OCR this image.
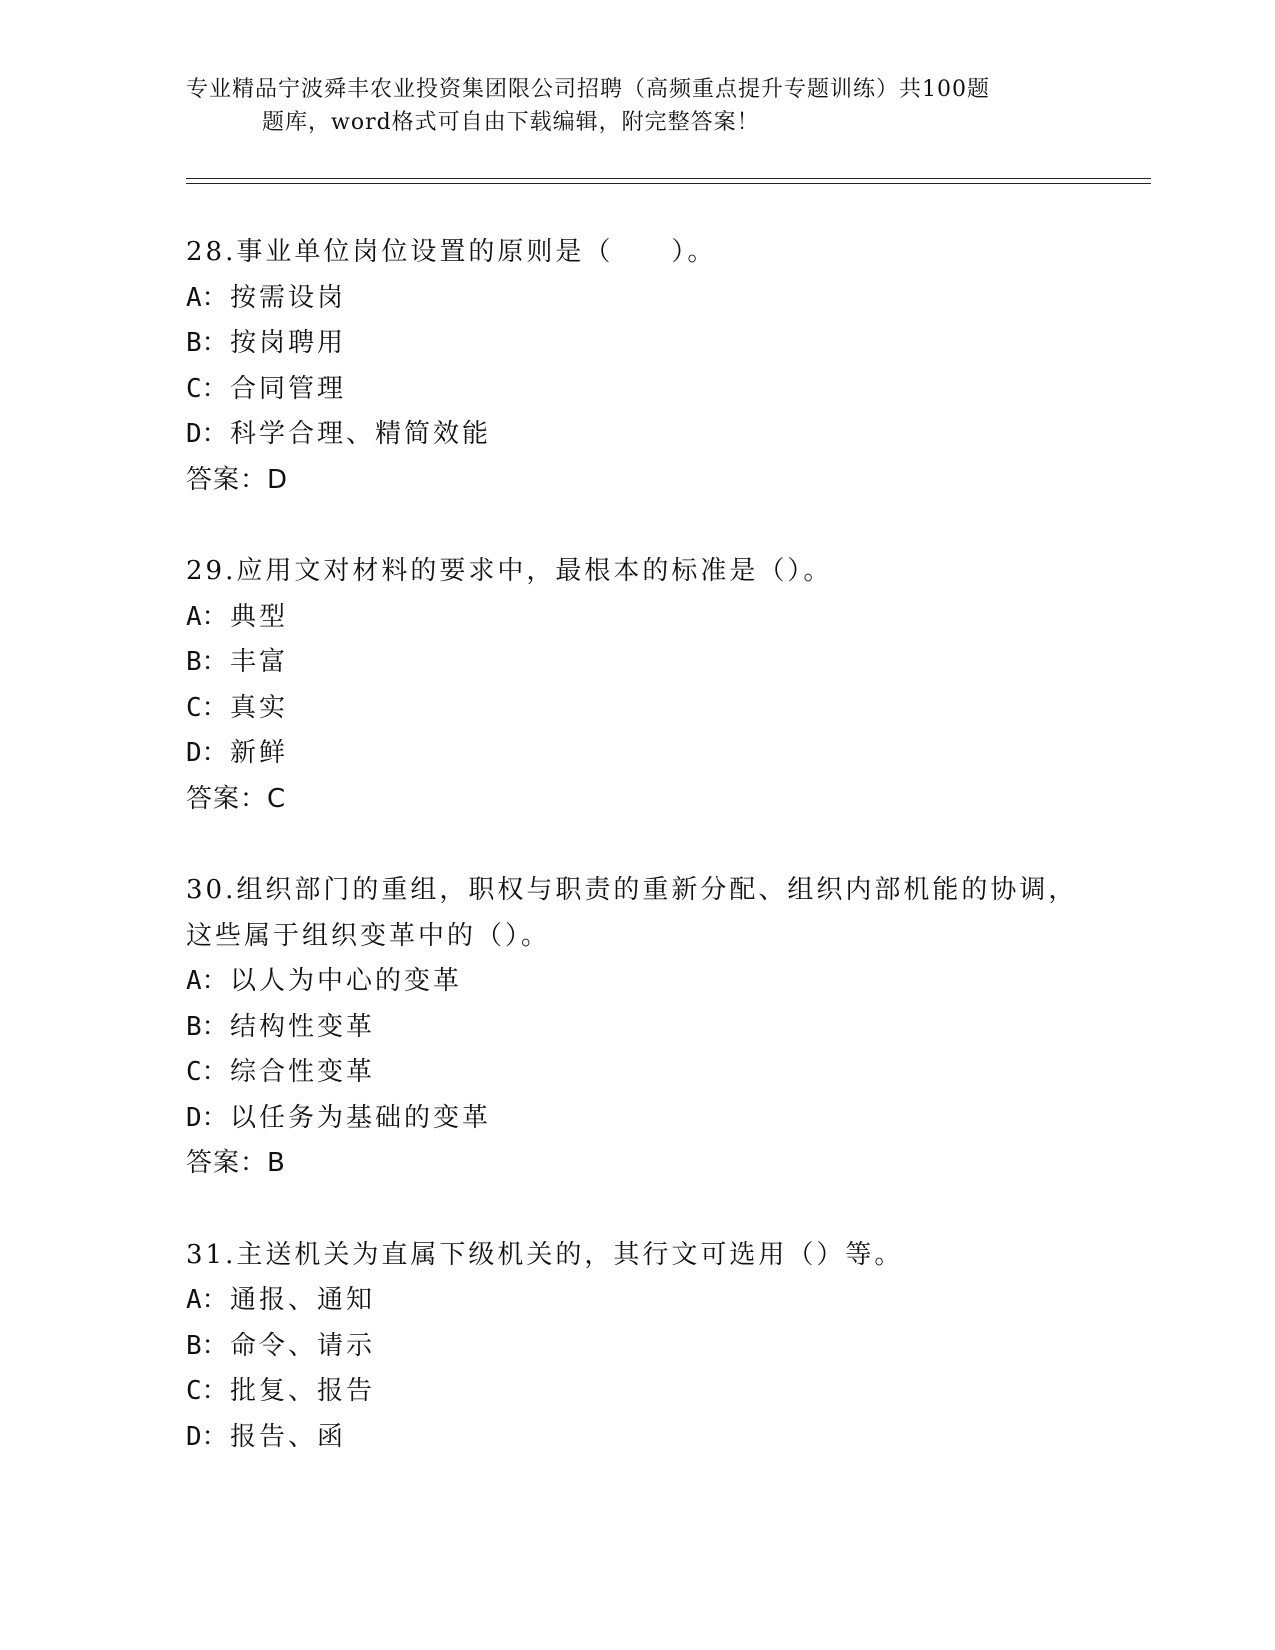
专业精品宁波舜丰农业投资集团限公司招聘（高频重点提升专题训练）共100题
题库，word格式可自由下载编辑，附完整答案！
28.事业单位岗位设置的原则是（　　）。
A：按需设岗
B：按岗聘用
C：合同管理
D：科学合理、精简效能
答案：D
29.应用文对材料的要求中，最根本的标准是（）。
A：典型
B：丰富
C：真实
D：新鲜
答案：C
30.组织部门的重组，职权与职责的重新分配、组织内部机能的协调，
这些属于组织变革中的（）。
A：以人为中心的变革
B：结构性变革
C：综合性变革
D：以任务为基础的变革
答案：B
31.主送机关为直属下级机关的，其行文可选用（）等。
A：通报、通知
B：命令、请示
C：批复、报告
D：报告、函
